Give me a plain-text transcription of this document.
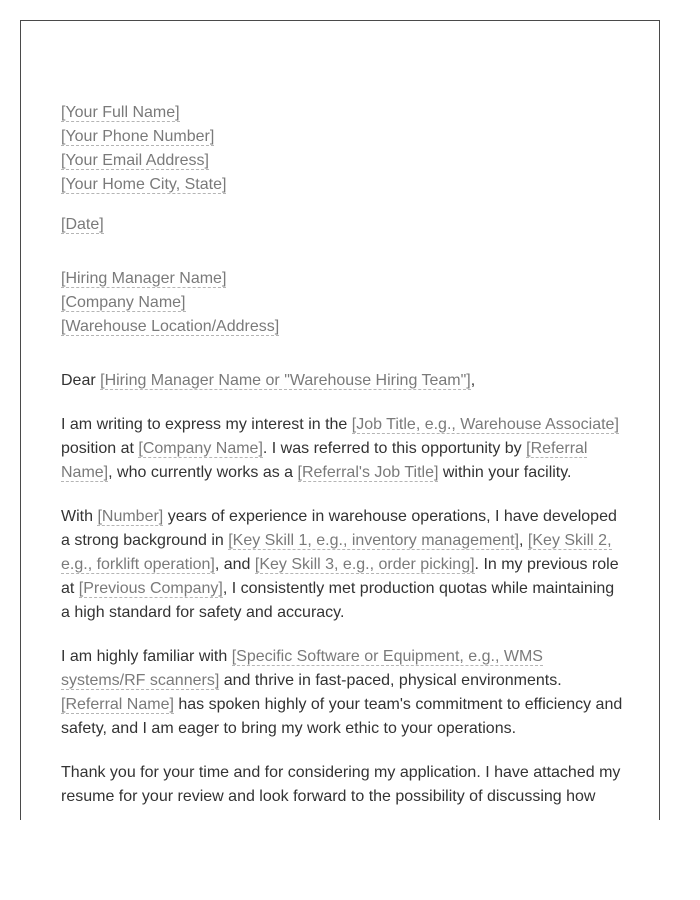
[Your Full Name]
[Your Phone Number]
[Your Email Address]
[Your Home City, State]
[Date]
[Hiring Manager Name]
[Company Name]
[Warehouse Location/Address]

Dear [Hiring Manager Name or "Warehouse Hiring Team"],

I am writing to express my interest in the [Job Title, e.g., Warehouse Associate] position at [Company Name]. I was referred to this opportunity by [Referral Name], who currently works as a [Referral's Job Title] within your facility.

With [Number] years of experience in warehouse operations, I have developed a strong background in [Key Skill 1, e.g., inventory management], [Key Skill 2, e.g., forklift operation], and [Key Skill 3, e.g., order picking]. In my previous role at [Previous Company], I consistently met production quotas while maintaining a high standard for safety and accuracy.

I am highly familiar with [Specific Software or Equipment, e.g., WMS systems/RF scanners] and thrive in fast-paced, physical environments. [Referral Name] has spoken highly of your team's commitment to efficiency and safety, and I am eager to bring my work ethic to your operations.

Thank you for your time and for considering my application. I have attached my resume for your review and look forward to the possibility of discussing how
